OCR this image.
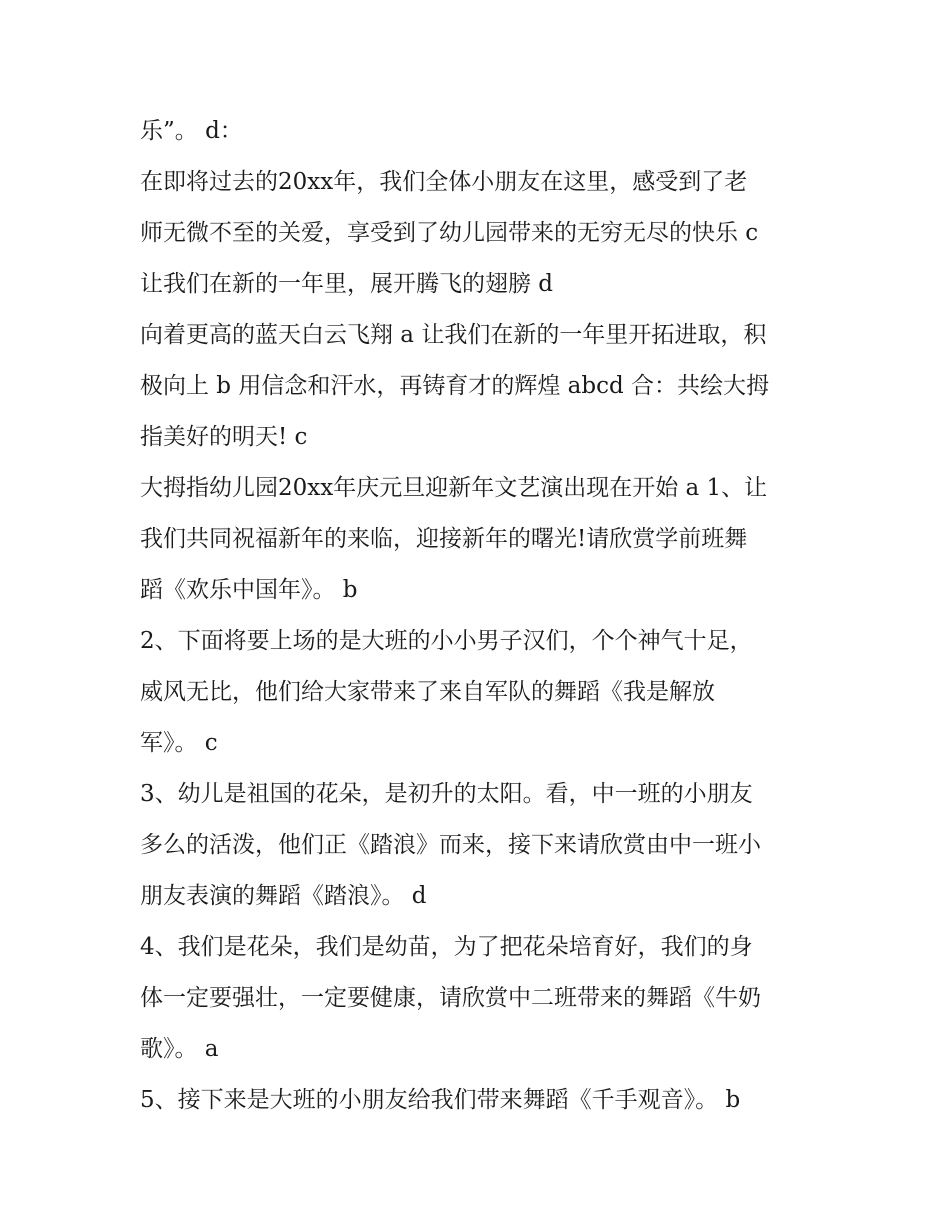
乐”。 d：
在即将过去的20xx年，我们全体小朋友在这里，感受到了老
师无微不至的关爱，享受到了幼儿园带来的无穷无尽的快乐 c
让我们在新的一年里，展开腾飞的翅膀 d
向着更高的蓝天白云飞翔 a 让我们在新的一年里开拓进取，积
极向上 b 用信念和汗水，再铸育才的辉煌 abcd 合：共绘大拇
指美好的明天! c
大拇指幼儿园20xx年庆元旦迎新年文艺演出现在开始 a 1、让
我们共同祝福新年的来临，迎接新年的曙光!请欣赏学前班舞
蹈《欢乐中国年》。 b
2、下面将要上场的是大班的小小男子汉们，个个神气十足，
威风无比，他们给大家带来了来自军队的舞蹈《我是解放
军》。 c
3、幼儿是祖国的花朵，是初升的太阳。看，中一班的小朋友
多么的活泼，他们正《踏浪》而来，接下来请欣赏由中一班小
朋友表演的舞蹈《踏浪》。 d
4、我们是花朵，我们是幼苗，为了把花朵培育好，我们的身
体一定要强壮，一定要健康，请欣赏中二班带来的舞蹈《牛奶
歌》。 a
5、接下来是大班的小朋友给我们带来舞蹈《千手观音》。 b
